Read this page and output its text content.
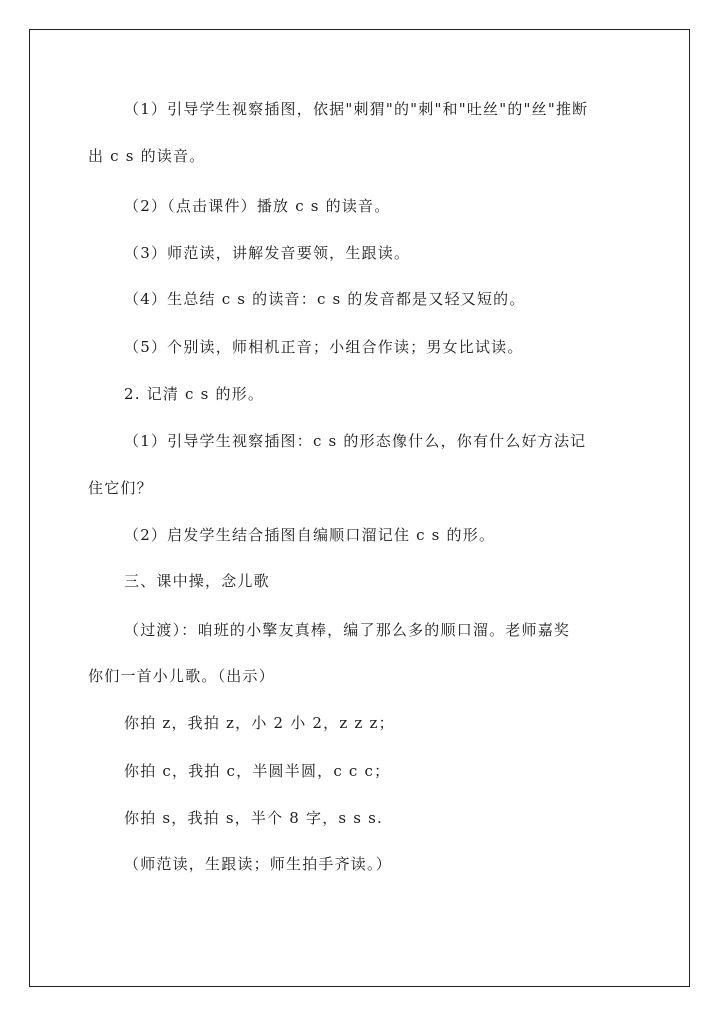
（1）引导学生视察插图，依据"刺猬"的"刺"和"吐丝"的"丝"推断
出 c s 的读音。
（2）（点击课件）播放 c s 的读音。
（3）师范读，讲解发音要领，生跟读。
（4）生总结 c s 的读音：c s 的发音都是又轻又短的。
（5）个别读，师相机正音；小组合作读；男女比试读。
2. 记清 c s 的形。
（1）引导学生视察插图：c s 的形态像什么，你有什么好方法记
住它们？
（2）启发学生结合插图自编顺口溜记住 c s 的形。
三、课中操，念儿歌
（过渡）：咱班的小擎友真棒，编了那么多的顺口溜。老师嘉奖
你们一首小儿歌。（出示）
你拍 z，我拍 z，小 2 小 2，z z z；
你拍 c，我拍 c，半圆半圆，c c c；
你拍 s，我拍 s，半个 8 字，s s s.
（师范读，生跟读；师生拍手齐读。）
